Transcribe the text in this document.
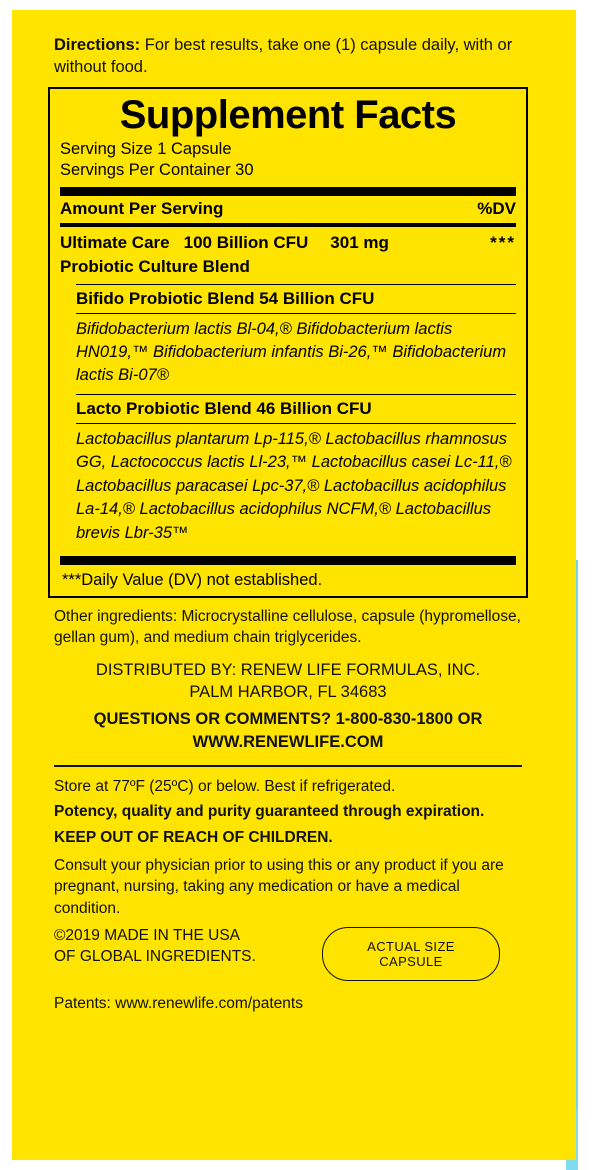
Directions: For best results, take one (1) capsule daily, with or without food.

Supplement Facts
Serving Size 1 Capsule
Servings Per Container 30
Amount Per Serving	%DV
Ultimate Care 100 Billion CFU 301 mg	***
Probiotic Culture Blend
Bifido Probiotic Blend 54 Billion CFU
Bifidobacterium lactis Bl-04,® Bifidobacterium lactis HN019,™ Bifidobacterium infantis Bi-26,™ Bifidobacterium lactis Bi-07®
Lacto Probiotic Blend 46 Billion CFU
Lactobacillus plantarum Lp-115,® Lactobacillus rhamnosus GG, Lactococcus lactis Ll-23,™ Lactobacillus casei Lc-11,® Lactobacillus paracasei Lpc-37,® Lactobacillus acidophilus La-14,® Lactobacillus acidophilus NCFM,® Lactobacillus brevis Lbr-35™
***Daily Value (DV) not established.

Other ingredients: Microcrystalline cellulose, capsule (hypromellose, gellan gum), and medium chain triglycerides.

DISTRIBUTED BY: RENEW LIFE FORMULAS, INC.
PALM HARBOR, FL 34683
QUESTIONS OR COMMENTS? 1-800-830-1800 OR
WWW.RENEWLIFE.COM
Store at 77ºF (25ºC) or below. Best if refrigerated.
Potency, quality and purity guaranteed through expiration.
KEEP OUT OF REACH OF CHILDREN.
Consult your physician prior to using this or any product if you are pregnant, nursing, taking any medication or have a medical condition.
©2019 MADE IN THE USA
OF GLOBAL INGREDIENTS.
ACTUAL SIZE
CAPSULE
Patents: www.renewlife.com/patents
